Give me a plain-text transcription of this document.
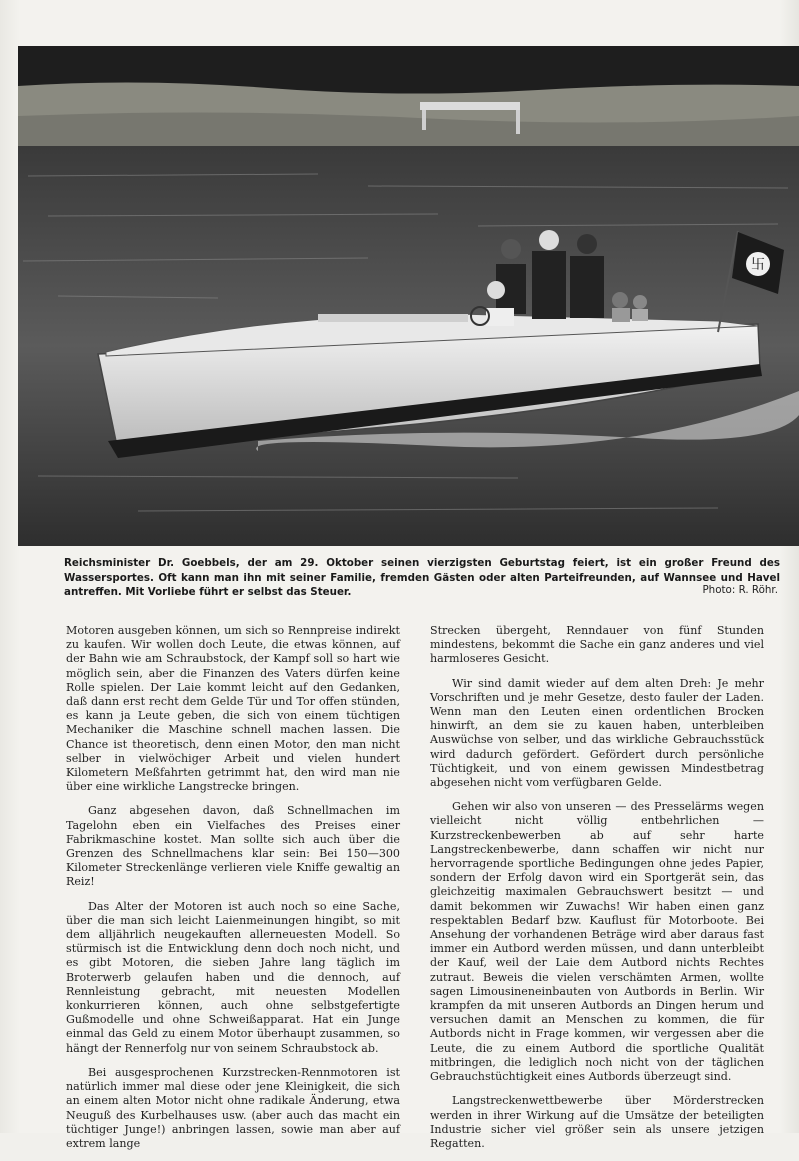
卐
Reichsminister Dr. Goebbels, der am 29. Oktober seinen vierzigsten Geburtstag feiert, ist ein großer Freund des Wassersportes. Oft kann man ihn mit seiner Familie, fremden Gästen oder alten Parteifreunden, auf Wannsee und Havel antreffen. Mit Vorliebe führt er selbst das Steuer.	Photo: R. Röhr.

Motoren ausgeben können, um sich so Rennpreise indirekt zu kaufen. Wir wollen doch Leute, die etwas können, auf der Bahn wie am Schraubstock, der Kampf soll so hart wie möglich sein, aber die Finanzen des Vaters dürfen keine Rolle spielen. Der Laie kommt leicht auf den Gedanken, daß dann erst recht dem Gelde Tür und Tor offen stünden, es kann ja Leute geben, die sich von einem tüchtigen Mechaniker die Maschine schnell machen lassen. Die Chance ist theoretisch, denn einen Motor, den man nicht selber in vielwöchiger Arbeit und vielen hundert Kilometern Meßfahrten getrimmt hat, den wird man nie über eine wirkliche Langstrecke bringen.

Ganz abgesehen davon, daß Schnellmachen im Tagelohn eben ein Vielfaches des Preises einer Fabrikmaschine kostet. Man sollte sich auch über die Grenzen des Schnellmachens klar sein: Bei 150—300 Kilometer Streckenlänge verlieren viele Kniffe gewaltig an Reiz!

Das Alter der Motoren ist auch noch so eine Sache, über die man sich leicht Laienmeinungen hingibt, so mit dem alljährlich neugekauften allerneuesten Modell. So stürmisch ist die Entwicklung denn doch noch nicht, und es gibt Motoren, die sieben Jahre lang täglich im Broterwerb gelaufen haben und die dennoch, auf Rennleistung gebracht, mit neuesten Modellen konkurrieren können, auch ohne selbstgefertigte Gußmodelle und ohne Schweißapparat. Hat ein Junge einmal das Geld zu einem Motor überhaupt zusammen, so hängt der Rennerfolg nur von seinem Schraubstock ab.

Bei ausgesprochenen Kurzstrecken-Rennmotoren ist natürlich immer mal diese oder jene Kleinigkeit, die sich an einem alten Motor nicht ohne radikale Änderung, etwa Neuguß des Kurbelhauses usw. (aber auch das macht ein tüchtiger Junge!) anbringen lassen, sowie man aber auf extrem lange

Strecken übergeht, Renndauer von fünf Stunden mindestens, bekommt die Sache ein ganz anderes und viel harmloseres Gesicht.

Wir sind damit wieder auf dem alten Dreh: Je mehr Vorschriften und je mehr Gesetze, desto fauler der Laden. Wenn man den Leuten einen ordentlichen Brocken hinwirft, an dem sie zu kauen haben, unterbleiben Auswüchse von selber, und das wirkliche Gebrauchsstück wird dadurch gefördert. Gefördert durch persönliche Tüchtigkeit, und von einem gewissen Mindestbetrag abgesehen nicht vom verfügbaren Gelde.

Gehen wir also von unseren — des Presselärms wegen vielleicht nicht völlig entbehrlichen — Kurzstreckenbewerben ab auf sehr harte Langstreckenbewerbe, dann schaffen wir nicht nur hervorragende sportliche Bedingungen ohne jedes Papier, sondern der Erfolg davon wird ein Sportgerät sein, das gleichzeitig maximalen Gebrauchswert besitzt — und damit bekommen wir Zuwachs! Wir haben einen ganz respektablen Bedarf bzw. Kauflust für Motorboote. Bei Ansehung der vorhandenen Beträge wird aber daraus fast immer ein Autbord werden müssen, und dann unterbleibt der Kauf, weil der Laie dem Autbord nichts Rechtes zutraut. Beweis die vielen verschämten Armen, wollte sagen Limousineneinbauten von Autbords in Berlin. Wir krampfen da mit unseren Autbords an Dingen herum und versuchen damit an Menschen zu kommen, die für Autbords nicht in Frage kommen, wir vergessen aber die Leute, die zu einem Autbord die sportliche Qualität mitbringen, die lediglich noch nicht von der täglichen Gebrauchstüchtigkeit eines Autbords überzeugt sind.

Langstreckenwettbewerbe über Mörderstrecken werden in ihrer Wirkung auf die Umsätze der beteiligten Industrie sicher viel größer sein als unsere jetzigen Regatten.
